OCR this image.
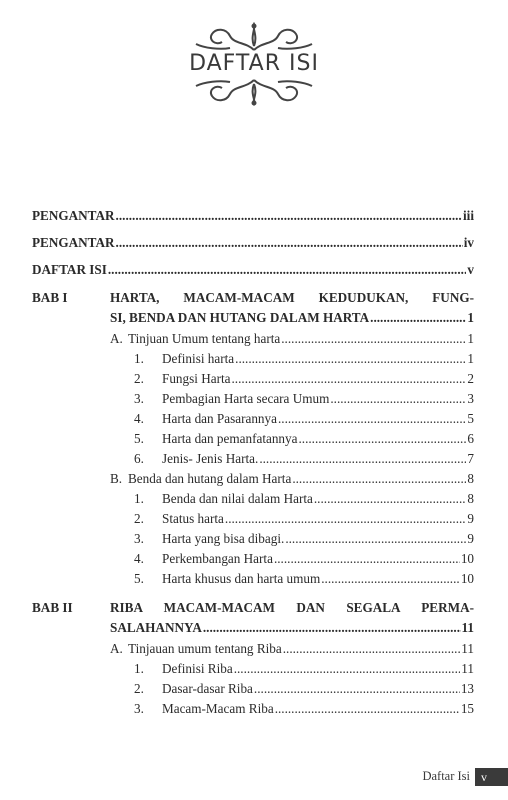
DAFTAR ISI
PENGANTAR .....	iii
PENGANTAR .....	iv
DAFTAR ISI .....	v
BAB I	HARTA, MACAM-MACAM KEDUDUKAN, FUNG-
SI, BENDA DAN HUTANG DALAM HARTA .....	1
A. Tinjuan Umum tentang harta .....	1
1. Definisi harta .....	1
2. Fungsi Harta .....	2
3. Pembagian Harta secara Umum .....	3
4. Harta dan Pasarannya .....	5
5. Harta dan pemanfatannya .....	6
6. Jenis- Jenis Harta. .....	7
B. Benda dan hutang dalam Harta .....	8
1. Benda dan nilai dalam Harta .....	8
2. Status harta .....	9
3. Harta yang bisa dibagi. .....	9
4. Perkembangan Harta .....	10
5. Harta khusus dan harta umum .....	10
BAB II	RIBA MACAM-MACAM DAN SEGALA PERMA-
SALAHANNYA .....	11
A. Tinjauan umum tentang Riba .....	11
1. Definisi Riba .....	11
2. Dasar-dasar Riba .....	13
3. Macam-Macam Riba .....	15
Daftar Isi v
